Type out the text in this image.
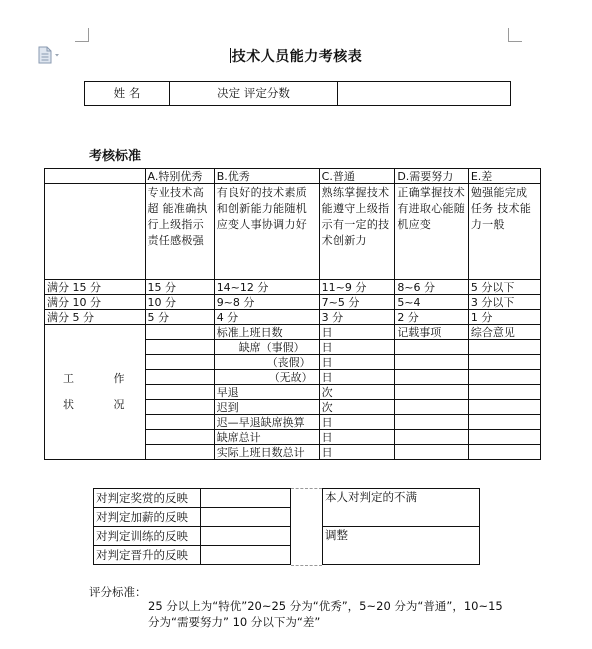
技术人员能力考核表
姓 名	决定 评定分数	
考核标准
	A.特别优秀	B.优秀	C.普通	D.需要努力	E.差
	专业技术高超 能准确执行上级指示责任感极强	有良好的技术素质和创新能力能随机应变人事协调力好	熟练掌握技术能遵守上级指示有一定的技术创新力	正确掌握技术 有进取心能随机应变	勉强能完成任务 技术能力一般
满分 15 分	15 分	14~12 分	11~9 分	8~6 分	5 分以下
满分 10 分	10 分	9~8 分	7~5 分	5~4	3 分以下
满分 5 分	5 分	4 分	3 分	2 分	1 分

工 作
状 况		标准上班日数	日	记载事项	综合意见
		缺席（事假）	日		
		（丧假）	日		
		（无故）	日		
		早退	次		
		迟到	次		
		迟—早退缺席换算	日		
		缺席总计	日		
		实际上班日数总计	日		
对判定奖赏的反映	
对判定加薪的反映	
对判定训练的反映	
对判定晋升的反映	
本人对判定的不满
调整
评分标准：
25 分以上为“特优”20~25 分为“优秀”，5~20 分为“普通”，10~15
分为“需要努力” 10 分以下为“差”
